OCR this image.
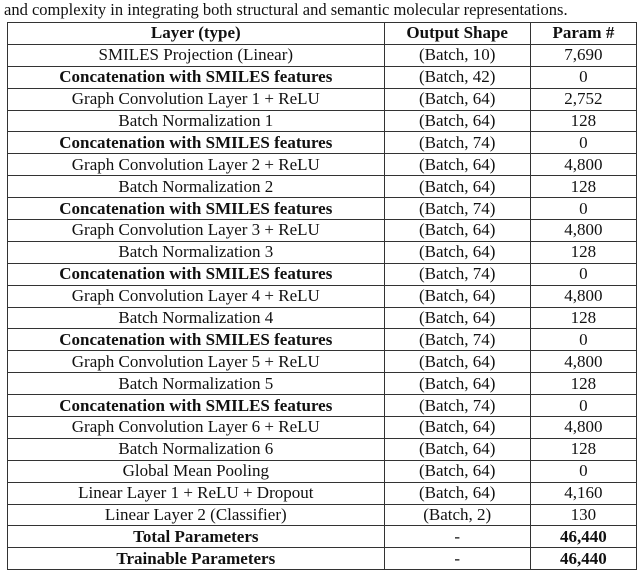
and complexity in integrating both structural and semantic molecular representations.
Layer (type)	Output Shape	Param #
SMILES Projection (Linear)	(Batch, 10)	7,690
Concatenation with SMILES features	(Batch, 42)	0
Graph Convolution Layer 1 + ReLU	(Batch, 64)	2,752
Batch Normalization 1	(Batch, 64)	128
Concatenation with SMILES features	(Batch, 74)	0
Graph Convolution Layer 2 + ReLU	(Batch, 64)	4,800
Batch Normalization 2	(Batch, 64)	128
Concatenation with SMILES features	(Batch, 74)	0
Graph Convolution Layer 3 + ReLU	(Batch, 64)	4,800
Batch Normalization 3	(Batch, 64)	128
Concatenation with SMILES features	(Batch, 74)	0
Graph Convolution Layer 4 + ReLU	(Batch, 64)	4,800
Batch Normalization 4	(Batch, 64)	128
Concatenation with SMILES features	(Batch, 74)	0
Graph Convolution Layer 5 + ReLU	(Batch, 64)	4,800
Batch Normalization 5	(Batch, 64)	128
Concatenation with SMILES features	(Batch, 74)	0
Graph Convolution Layer 6 + ReLU	(Batch, 64)	4,800
Batch Normalization 6	(Batch, 64)	128
Global Mean Pooling	(Batch, 64)	0
Linear Layer 1 + ReLU + Dropout	(Batch, 64)	4,160
Linear Layer 2 (Classifier)	(Batch, 2)	130
Total Parameters	-	46,440
Trainable Parameters	-	46,440
